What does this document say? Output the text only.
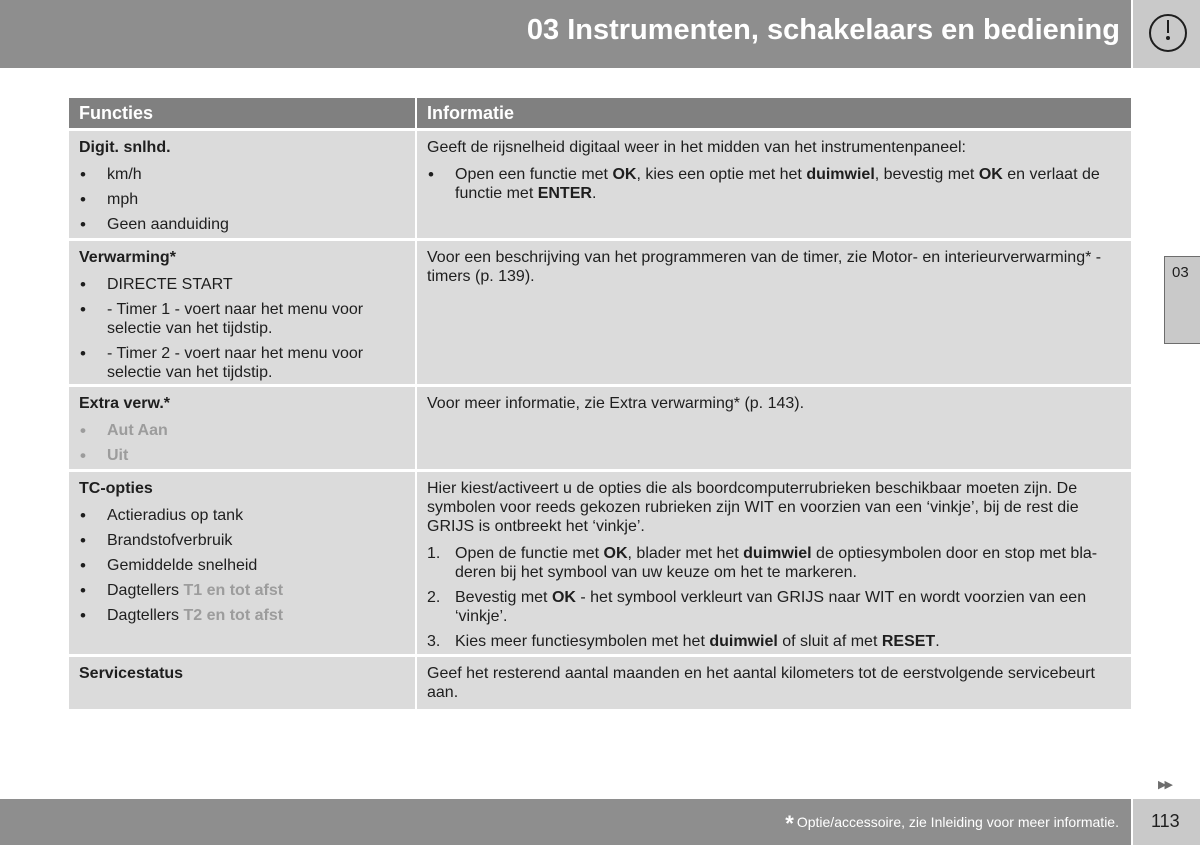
03 Instrumenten, schakelaars en bediening
03
Functies	Informatie
Digit. snlhd.
• km/h
• mph
• Geen aanduiding

Geeft de rijsnelheid digitaal weer in het midden van het instrumentenpaneel:

• Open een functie met OK, kies een optie met het duimwiel, bevestig met OK en verlaat de functie met ENTER.
Verwarming*
• DIRECTE START
• - Timer 1 - voert naar het menu voor selectie van het tijdstip.
• - Timer 2 - voert naar het menu voor selectie van het tijdstip.

Voor een beschrijving van het programmeren van de timer, zie Motor- en interieurverwarming* - timers (p. 139).

Extra verw.*
• Aut Aan
• Uit

Voor meer informatie, zie Extra verwarming* (p. 143).

TC-opties
• Actieradius op tank
• Brandstofverbruik
• Gemiddelde snelheid
• Dagtellers T1 en tot afst
• Dagtellers T2 en tot afst

Hier kiest/activeert u de opties die als boordcomputerrubrieken beschikbaar moeten zijn. De symbolen voor reeds gekozen rubrieken zijn WIT en voorzien van een ‘vinkje’, bij de rest die GRIJS is ontbreekt het ‘vinkje’.

1. Open de functie met OK, blader met het duimwiel de optiesymbolen door en stop met bla-deren bij het symbool van uw keuze om het te markeren.
2. Bevestig met OK - het symbool verkleurt van GRIJS naar WIT en wordt voorzien van een ‘vinkje’.
3. Kies meer functiesymbolen met het duimwiel of sluit af met RESET.
Servicestatus	Geef het resterend aantal maanden en het aantal kilometers tot de eerstvolgende servicebeurt aan.

▶▶
* Optie/accessoire, zie Inleiding voor meer informatie. 113
